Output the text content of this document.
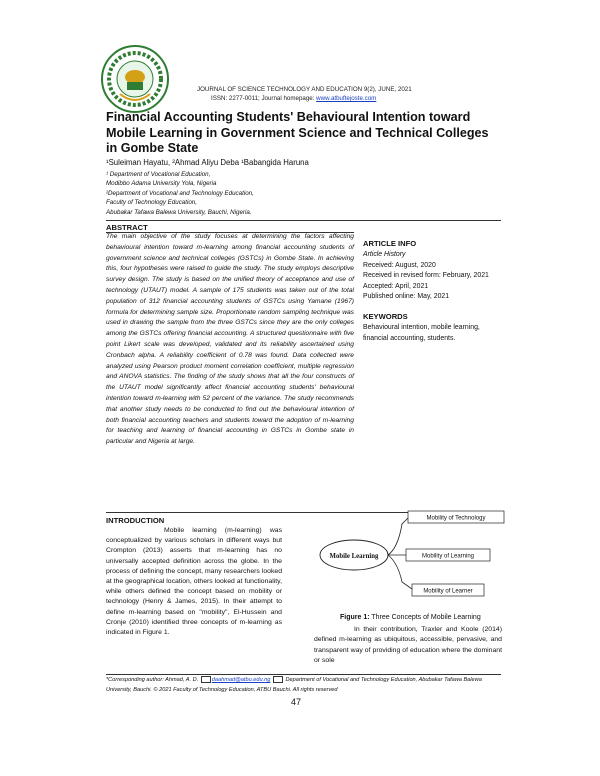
JOURNAL OF SCIENCE TECHNOLOGY AND EDUCATION 9(2), JUNE, 2021
ISSN: 2277-0011; Journal homepage: www.atbuftejoste.com
Financial Accounting Students' Behavioural Intention toward Mobile Learning in Government Science and Technical Colleges in Gombe State
¹Suleiman Hayatu, ²Ahmad Aliyu Deba ¹Babangida Haruna
¹ Department of Vocational Education,
Modibbo Adama University Yola, Nigeria
²Department of Vocational and Technology Education,
Faculty of Technology Education,
Abubakar Tafawa Balewa University, Bauchi, Nigeria.
ABSTRACT
The main objective of the study focuses at determining the factors affecting behavioural intention toward m-learning among financial accounting students of government science and technical colleges (GSTCs) in Gombe State. In achieving this, four hypotheses were raised to guide the study. The study employs descriptive survey design. The study is based on the unified theory of acceptance and use of technology (UTAUT) model. A sample of 175 students was taken out of the total population of 312 financial accounting students of GSTCs using Yamane (1967) formula for determining sample size. Proportionate random sampling technique was used in drawing the sample from the three GSTCs since they are the only colleges among the GSTCs offering financial accounting. A structured questionnaire with five point Likert scale was developed, validated and its reliability ascertained using Cronbach alpha. A reliability coefficient of 0.78 was found. Data collected were analyzed using Pearson product moment correlation coefficient, multiple regression and ANOVA statistics. The finding of the study shows that all the four constructs of the UTAUT model significantly affect financial accounting students' behavioural intention toward m-learning with 52 percent of the variance. The study recommends that another study needs to be conducted to find out the behavioural intention of both financial accounting teachers and students toward the adoption of m-learning for teaching and learning of financial accounting in GSTCs in Gombe state in particular and Nigeria at large.
ARTICLE INFO
Article History
Received: August, 2020
Received in revised form: February, 2021
Accepted: April, 2021
Published online: May, 2021
KEYWORDS
Behavioural intention, mobile learning, financial accounting, students.
INTRODUCTION

Mobile learning (m-learning) was conceptualized by various scholars in different ways but Crompton (2013) asserts that m-learning has no universally accepted definition across the globe. In the process of defining the concept, many researchers looked at the geographical location, others looked at functionality, while others defined the concept based on mobility or technology (Henry & James, 2015). In their attempt to define m-learning based on "mobility", El-Hussein and Cronje (2010) identified three concepts of m-learning as indicated in Figure 1.

Mobile Learning
Mobility of Technology
Mobility of Learning
Mobility of Learner
Figure 1: Three Concepts of Mobile Learning

In their contribution, Traxler and Koole (2014) defined m-learning as ubiquitous, accessible, pervasive, and transparent way of providing of education where the dominant or sole

*Corresponding author: Ahmad, A. D. daahmad@atbu.edu.ng  Department of Vocational and Technology Education, Abubakar Tafawa Balewa University, Bauchi. © 2021 Faculty of Technology Education, ATBU Bauchi. All rights reserved
47
